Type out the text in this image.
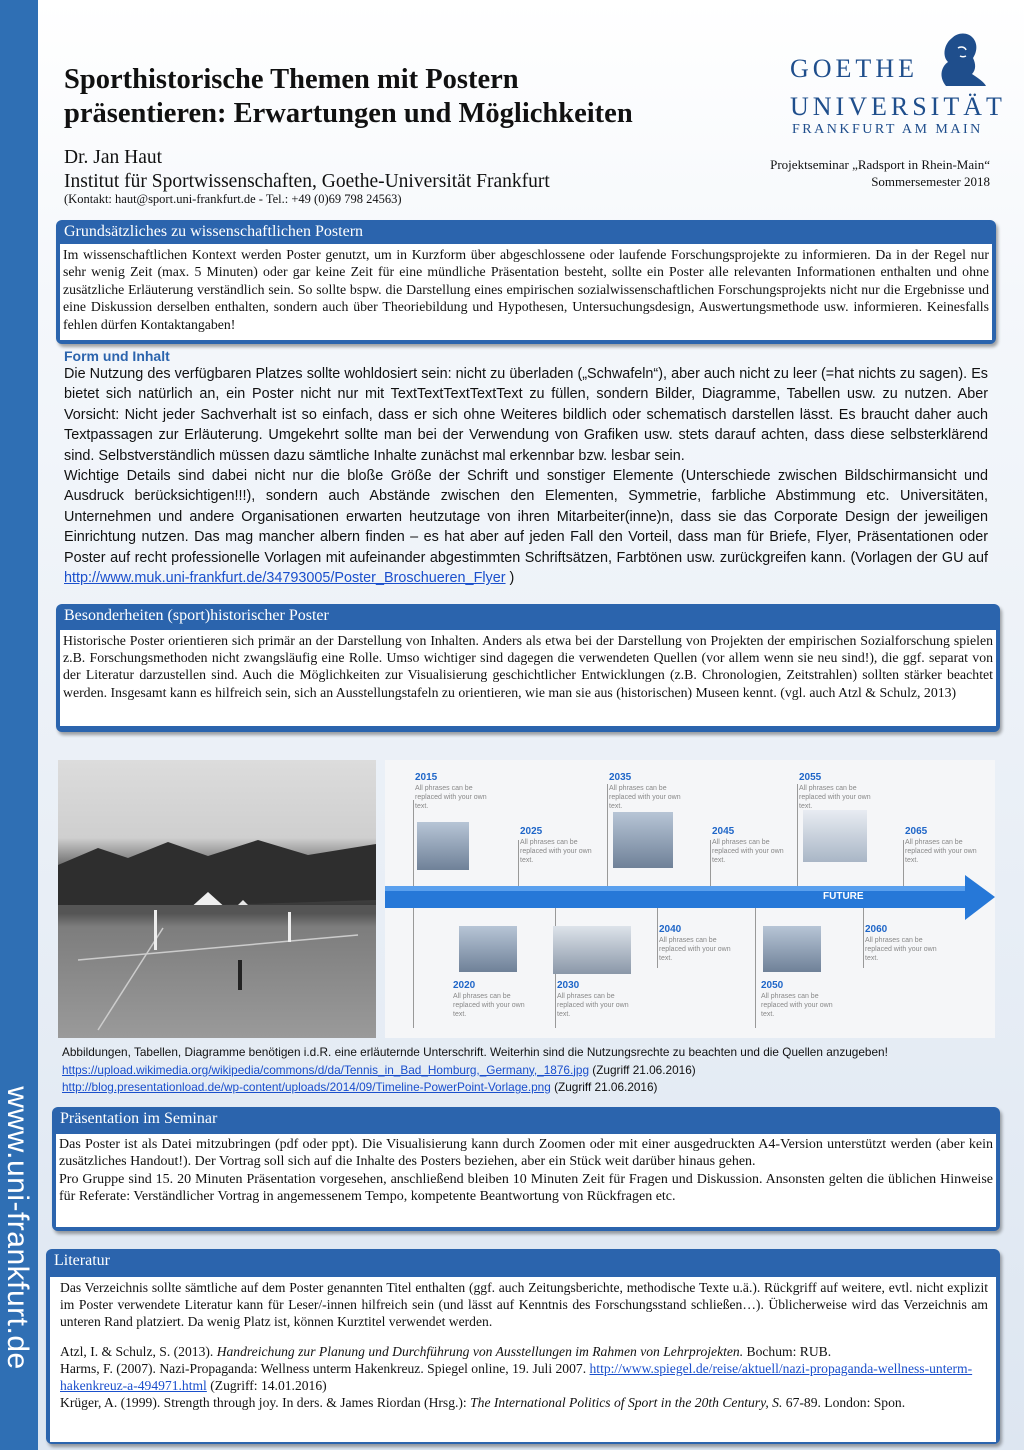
www.uni-frankfurt.de
Sporthistorische Themen mit Postern
präsentieren: Erwartungen und Möglichkeiten
Dr. Jan Haut
Institut für Sportwissenschaften, Goethe-Universität Frankfurt
(Kontakt: haut@sport.uni-frankfurt.de - Tel.: +49 (0)69 798 24563)
GOETHE
UNIVERSITÄT
FRANKFURT AM MAIN
Projektseminar „Radsport in Rhein-Main“
Sommersemester 2018
Grundsätzliches zu wissenschaftlichen Postern
Im wissenschaftlichen Kontext werden Poster genutzt, um in Kurzform über abgeschlossene oder laufende Forschungsprojekte zu informieren. Da in der Regel nur sehr wenig Zeit (max. 5 Minuten) oder gar keine Zeit für eine mündliche Präsentation besteht, sollte ein Poster alle relevanten Informationen enthalten und ohne zusätzliche Erläuterung verständlich sein. So sollte bspw. die Darstellung eines empirischen sozialwissenschaftlichen Forschungsprojekts nicht nur die Ergebnisse und eine Diskussion derselben enthalten, sondern auch über Theoriebildung und Hypothesen, Untersuchungsdesign, Auswertungsmethode usw. informieren. Keinesfalls fehlen dürfen Kontaktangaben!
Form und Inhalt

Die Nutzung des verfügbaren Platzes sollte wohldosiert sein: nicht zu überladen („Schwafeln“), aber auch nicht zu leer (=hat nichts zu sagen). Es bietet sich natürlich an, ein Poster nicht nur mit TextTextTextTextText zu füllen, sondern Bilder, Diagramme, Tabellen usw. zu nutzen. Aber Vorsicht: Nicht jeder Sachverhalt ist so einfach, dass er sich ohne Weiteres bildlich oder schematisch darstellen lässt. Es braucht daher auch Textpassagen zur Erläuterung. Umgekehrt sollte man bei der Verwendung von Grafiken usw. stets darauf achten, dass diese selbsterklärend sind. Selbstverständlich müssen dazu sämtliche Inhalte zunächst mal erkennbar bzw. lesbar sein.

Wichtige Details sind dabei nicht nur die bloße Größe der Schrift und sonstiger Elemente (Unterschiede zwischen Bildschirmansicht und Ausdruck berücksichtigen!!!), sondern auch Abstände zwischen den Elementen, Symmetrie, farbliche Abstimmung etc. Universitäten, Unternehmen und andere Organisationen erwarten heutzutage von ihren Mitarbeiter(inne)n, dass sie das Corporate Design der jeweiligen Einrichtung nutzen. Das mag mancher albern finden – es hat aber auf jeden Fall den Vorteil, dass man für Briefe, Flyer, Präsentationen oder Poster auf recht professionelle Vorlagen mit aufeinander abgestimmten Schriftsätzen, Farbtönen usw. zurückgreifen kann. (Vorlagen der GU auf http://www.muk.uni-frankfurt.de/34793005/Poster_Broschueren_Flyer )

Besonderheiten (sport)historischer Poster
Historische Poster orientieren sich primär an der Darstellung von Inhalten. Anders als etwa bei der Darstellung von Projekten der empirischen Sozialforschung spielen z.B. Forschungsmethoden nicht zwangsläufig eine Rolle. Umso wichtiger sind dagegen die verwendeten Quellen (vor allem wenn sie neu sind!), die ggf. separat von der Literatur darzustellen sind. Auch die Möglichkeiten zur Visualisierung geschichtlicher Entwicklungen (z.B. Chronologien, Zeitstrahlen) sollten stärker beachtet werden. Insgesamt kann es hilfreich sein, sich an Ausstellungstafeln zu orientieren, wie man sie aus (historischen) Museen kennt. (vgl. auch Atzl & Schulz, 2013)
FUTURE
2015
All phrases can be replaced with your own text.
2025
All phrases can be replaced with your own text.
2035
All phrases can be replaced with your own text.
2045
All phrases can be replaced with your own text.
2055
All phrases can be replaced with your own text.
2065
All phrases can be replaced with your own text.
2020
All phrases can be replaced with your own text.
2030
All phrases can be replaced with your own text.
2040
All phrases can be replaced with your own text.
2050
All phrases can be replaced with your own text.
2060
All phrases can be replaced with your own text.
Abbildungen, Tabellen, Diagramme benötigen i.d.R. eine erläuternde Unterschrift. Weiterhin sind die Nutzungsrechte zu beachten und die Quellen anzugeben!
https://upload.wikimedia.org/wikipedia/commons/d/da/Tennis_in_Bad_Homburg,_Germany,_1876.jpg (Zugriff 21.06.2016)
http://blog.presentationload.de/wp-content/uploads/2014/09/Timeline-PowerPoint-Vorlage.png (Zugriff 21.06.2016)
Präsentation im Seminar
Das Poster ist als Datei mitzubringen (pdf oder ppt). Die Visualisierung kann durch Zoomen oder mit einer ausgedruckten A4-Version unterstützt werden (aber kein zusätzliches Handout!). Der Vortrag soll sich auf die Inhalte des Posters beziehen, aber ein Stück weit darüber hinaus gehen.
Pro Gruppe sind 15. 20 Minuten Präsentation vorgesehen, anschließend bleiben 10 Minuten Zeit für Fragen und Diskussion. Ansonsten gelten die üblichen Hinweise für Referate: Verständlicher Vortrag in angemessenem Tempo, kompetente Beantwortung von Rückfragen etc.
Literatur
Das Verzeichnis sollte sämtliche auf dem Poster genannten Titel enthalten (ggf. auch Zeitungsberichte, methodische Texte u.ä.). Rückgriff auf weitere, evtl. nicht explizit im Poster verwendete Literatur kann für Leser/-innen hilfreich sein (und lässt auf Kenntnis des Forschungsstand schließen…). Üblicherweise wird das Verzeichnis am unteren Rand platziert. Da wenig Platz ist, können Kurztitel verwendet werden.
Atzl, I. & Schulz, S. (2013). Handreichung zur Planung und Durchführung von Ausstellungen im Rahmen von Lehrprojekten. Bochum: RUB.
Harms, F. (2007). Nazi-Propaganda: Wellness unterm Hakenkreuz. Spiegel online, 19. Juli 2007. http://www.spiegel.de/reise/aktuell/nazi-propaganda-wellness-unterm-hakenkreuz-a-494971.html (Zugriff: 14.01.2016)
Krüger, A. (1999). Strength through joy. In ders. & James Riordan (Hrsg.): The International Politics of Sport in the 20th Century, S. 67-89. London: Spon.
